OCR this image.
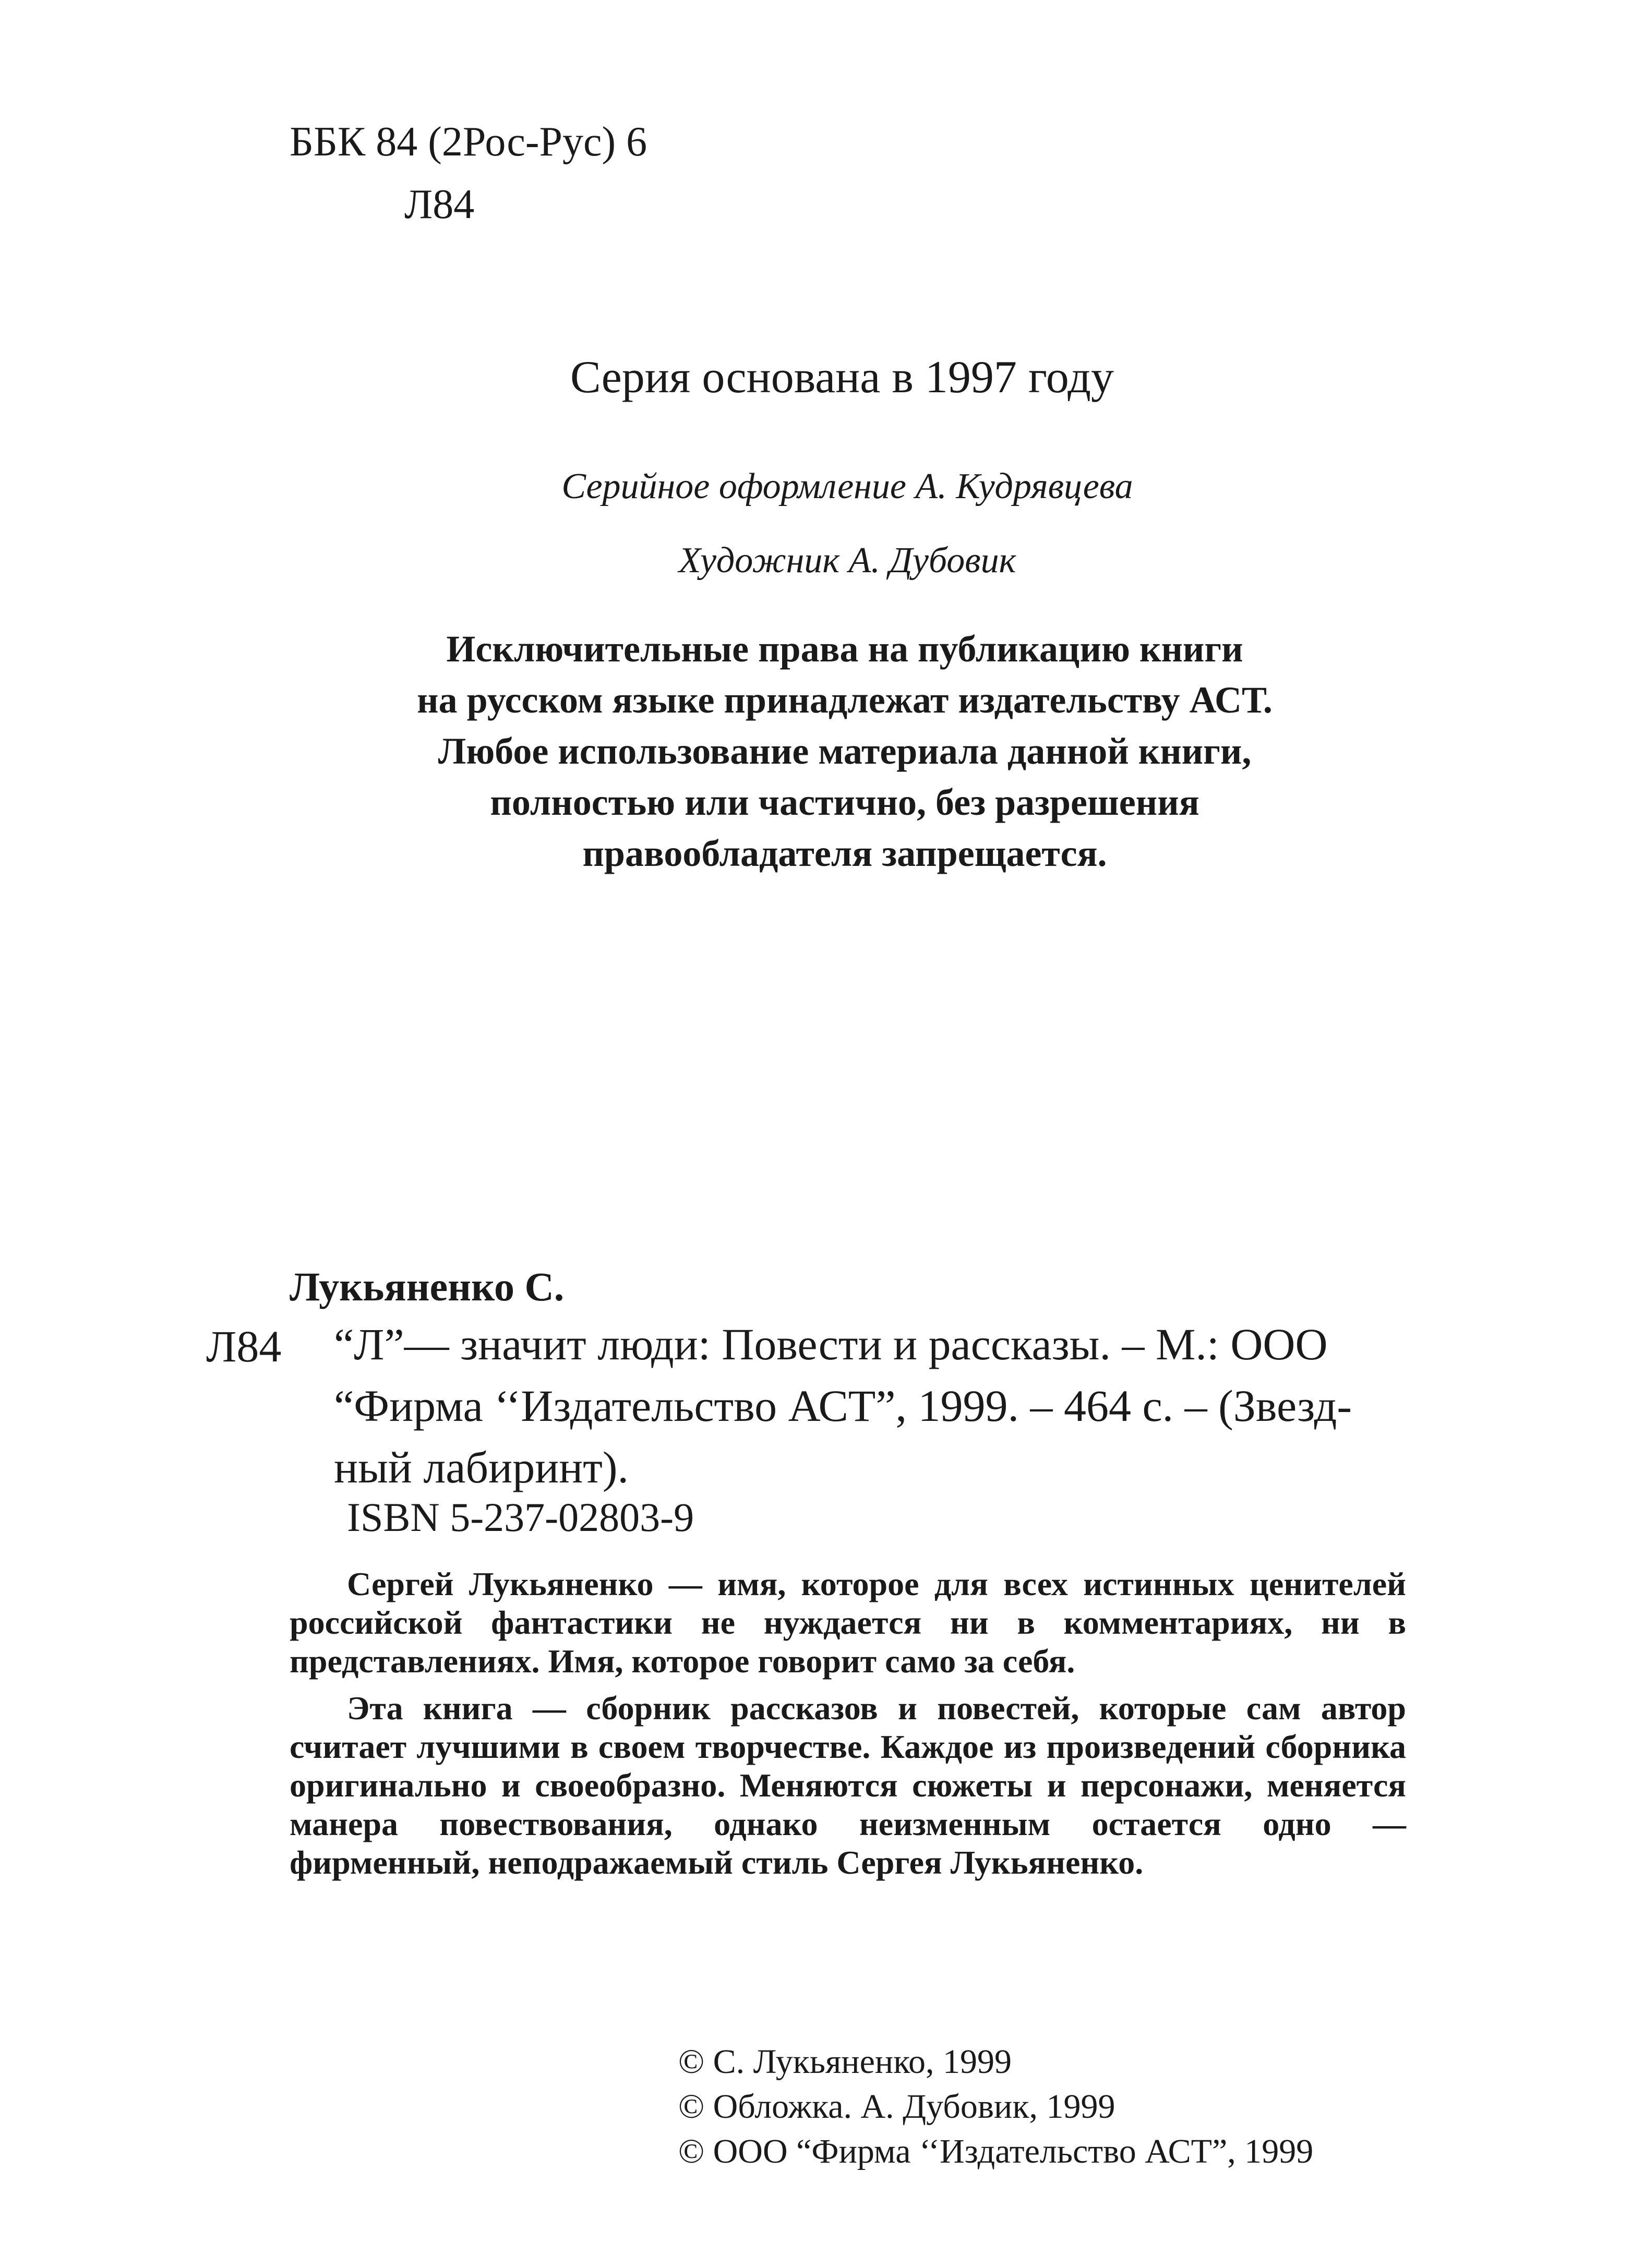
ББК 84 (2Рос-Рус) 6
Л84
Серия основана в 1997 году
Серийное оформление А. Кудрявцева
Художник А. Дубовик
Исключительные права на публикацию книги
на русском языке принадлежат издательству АСТ.
Любое использование материала данной книги,
полностью или частично, без разрешения
правообладателя запрещается.
Лукьяненко С.
Л84 “Л”— значит люди: Повести и рассказы. – М.: ООО
“Фирма ‘‘Издательство АСТ”, 1999. – 464 с. – (Звезд-
ный лабиринт).
ISBN 5-237-02803-9
Сергей Лукьяненко — имя, которое для всех истинных ценителей российской фантастики не нуждается ни в комментариях, ни в представлениях. Имя, которое говорит само за себя.
Эта книга — сборник рассказов и повестей, которые сам автор считает лучшими в своем творчестве. Каждое из произведений сборника оригинально и своеобразно. Меняются сюжеты и персонажи, меняется манера повествования, однако неизменным остается одно — фирменный, неподражаемый стиль Сергея Лукьяненко.
© С. Лукьяненко, 1999
© Обложка. А. Дубовик, 1999
© ООО “Фирма ‘‘Издательство АСТ”, 1999
